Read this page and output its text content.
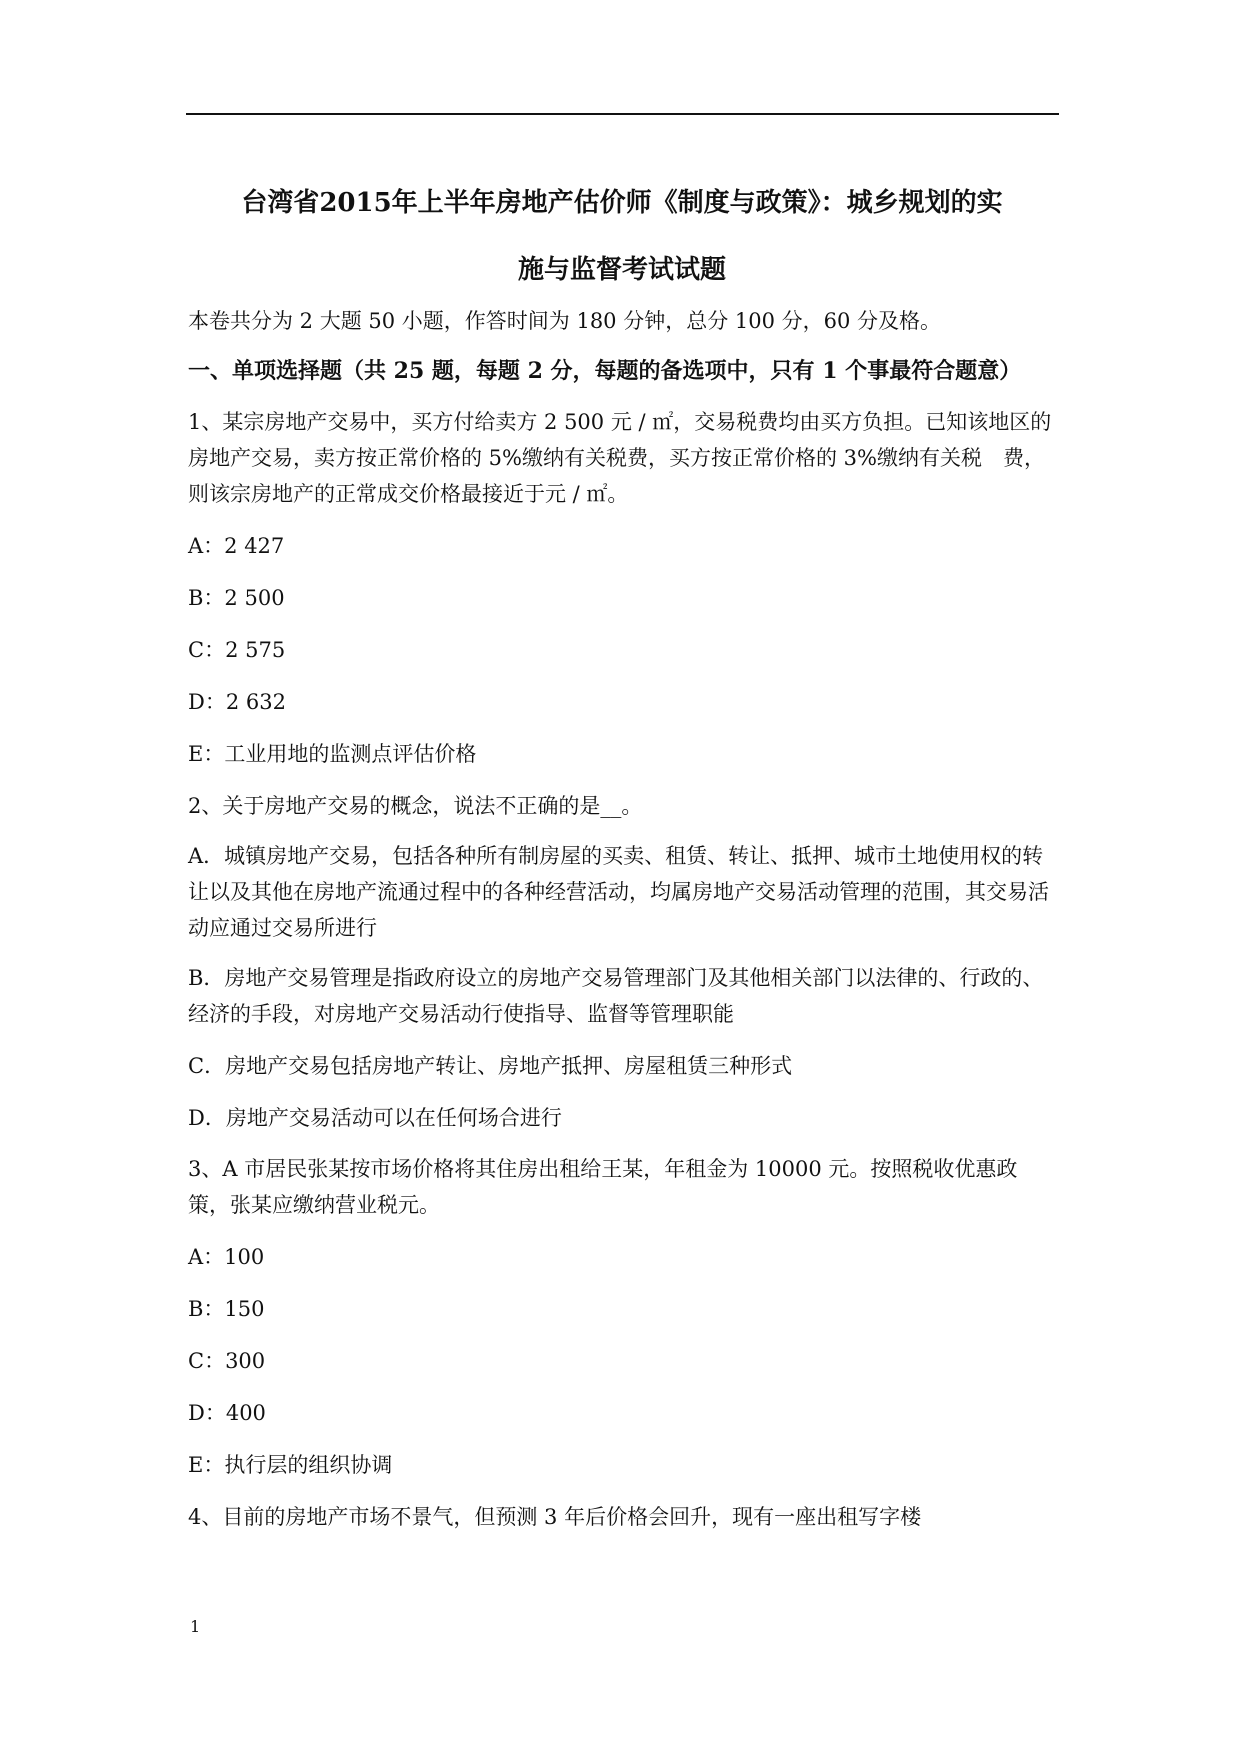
台湾省2015年上半年房地产估价师《制度与政策》：城乡规划的实
施与监督考试试题
本卷共分为 2 大题 50 小题，作答时间为 180 分钟，总分 100 分，60 分及格。
一、单项选择题（共 25 题，每题 2 分，每题的备选项中，只有 1 个事最符合题意）
1、某宗房地产交易中，买方付给卖方 2 500 元 / ㎡，交易税费均由买方负担。已知该地区的房地产交易，卖方按正常价格的 5%缴纳有关税费，买方按正常价格的 3%缴纳有关税　费，则该宗房地产的正常成交价格最接近于元 / ㎡。
A：2 427
B：2 500
C：2 575
D：2 632
E：工业用地的监测点评估价格
2、关于房地产交易的概念，说法不正确的是__。
A．城镇房地产交易，包括各种所有制房屋的买卖、租赁、转让、抵押、城市土地使用权的转让以及其他在房地产流通过程中的各种经营活动，均属房地产交易活动管理的范围，其交易活动应通过交易所进行
B．房地产交易管理是指政府设立的房地产交易管理部门及其他相关部门以法律的、行政的、经济的手段，对房地产交易活动行使指导、监督等管理职能
C．房地产交易包括房地产转让、房地产抵押、房屋租赁三种形式
D．房地产交易活动可以在任何场合进行
3、A 市居民张某按市场价格将其住房出租给王某，年租金为 10000 元。按照税收优惠政策，张某应缴纳营业税元。
A：100
B：150
C：300
D：400
E：执行层的组织协调
4、目前的房地产市场不景气，但预测 3 年后价格会回升，现有一座出租写字楼
1
